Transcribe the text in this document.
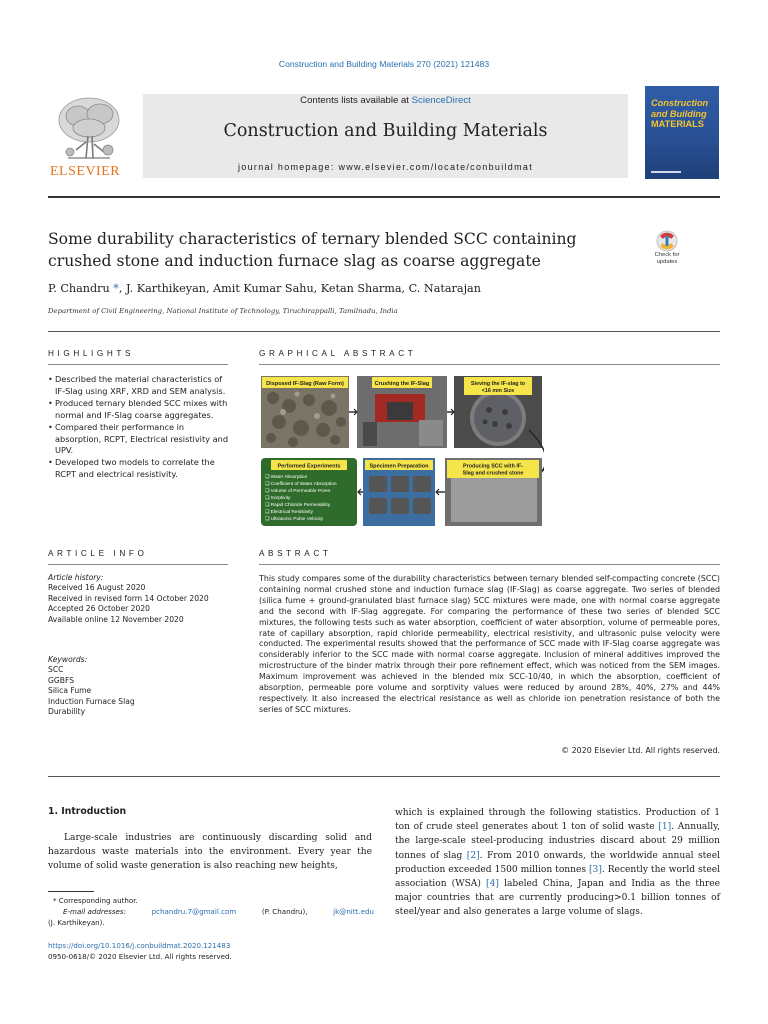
Construction and Building Materials 270 (2021) 121483
ELSEVIER
Contents lists available at ScienceDirect
Construction and Building Materials
journal homepage: www.elsevier.com/locate/conbuildmat
Construction
and Building
MATERIALS
Some durability characteristics of ternary blended SCC containing crushed stone and induction furnace slag as coarse aggregate	Check for updates
P. Chandru *, J. Karthikeyan, Amit Kumar Sahu, Ketan Sharma, C. Natarajan
Department of Civil Engineering, National Institute of Technology, Tiruchirappalli, Tamilnadu, India
HIGHLIGHTS
• Described the material characteristics of IF-Slag using XRF, XRD and SEM analysis.
• Produced ternary blended SCC mixes with normal and IF-Slag coarse aggregates.
• Compared their performance in absorption, RCPT, Electrical resistivity and UPV.
• Developed two models to correlate the RCPT and electrical resistivity.
GRAPHICAL ABSTRACT
Disposed IF-Slag (Raw Form)	Crushing the IF-Slag	Sieving the IF-slag to
<16 mm Size
Performed Experiments
❑ Water Absorption
❑ Coefficient of Water Absorption
❑ Volume of Permeable Pores
❑ Sorptivity
❑ Rapid Chloride Permeability
❑ Electrical Resistivity
❑ Ultrasonic Pulse Velocity
Specimen Preparation	Producing SCC with IF-
Slag and crushed stone
ARTICLE INFO
Article history:
Received 16 August 2020
Received in revised form 14 October 2020
Accepted 26 October 2020
Available online 12 November 2020
Keywords:
SCC
GGBFS
Silica Fume
Induction Furnace Slag
Durability
ABSTRACT
This study compares some of the durability characteristics between ternary blended self-compacting concrete (SCC) containing normal crushed stone and induction furnace slag (IF-Slag) as coarse aggregate. Two series of blended (silica fume + ground-granulated blast furnace slag) SCC mixtures were made, one with normal coarse aggregate and the second with IF-Slag aggregate. For comparing the performance of these two series of blended SCC mixtures, the following tests such as water absorption, coefficient of water absorption, volume of permeable pores, rate of capillary absorption, rapid chloride permeability, electrical resistivity, and ultrasonic pulse velocity were conducted. The experimental results showed that the performance of SCC made with IF-Slag coarse aggregate was considerably inferior to the SCC made with normal coarse aggregate. Inclusion of mineral additives improved the microstructure of the binder matrix through their pore refinement effect, which was noticed from the SEM images. Maximum improvement was achieved in the blended mix SCC-10/40, in which the absorption, coefficient of absorption, permeable pore volume and sorptivity values were reduced by around 28%, 40%, 27% and 44% respectively. It also increased the electrical resistance as well as chloride ion penetration resistance of both the series of SCC mixtures.
© 2020 Elsevier Ltd. All rights reserved.
1. Introduction
Large-scale industries are continuously discarding solid and hazardous waste materials into the environment. Every year the volume of solid waste generation is also reaching new heights,
which is explained through the following statistics. Production of 1 ton of crude steel generates about 1 ton of solid waste [1]. Annually, the large-scale steel-producing industries discard about 29 million tonnes of slag [2]. From 2010 onwards, the worldwide annual steel production exceeded 1500 million tonnes [3]. Recently the world steel association (WSA) [4] labeled China, Japan and India as the three major countries that are currently producing>0.1 billion tonnes of steel/year and also generates a large volume of slags.
* Corresponding author.
E-mail addresses:	pchandru.7@gmail.com	(P. Chandru),	jk@nitt.edu
(J. Karthikeyan).
https://doi.org/10.1016/j.conbuildmat.2020.121483
0950-0618/© 2020 Elsevier Ltd. All rights reserved.
